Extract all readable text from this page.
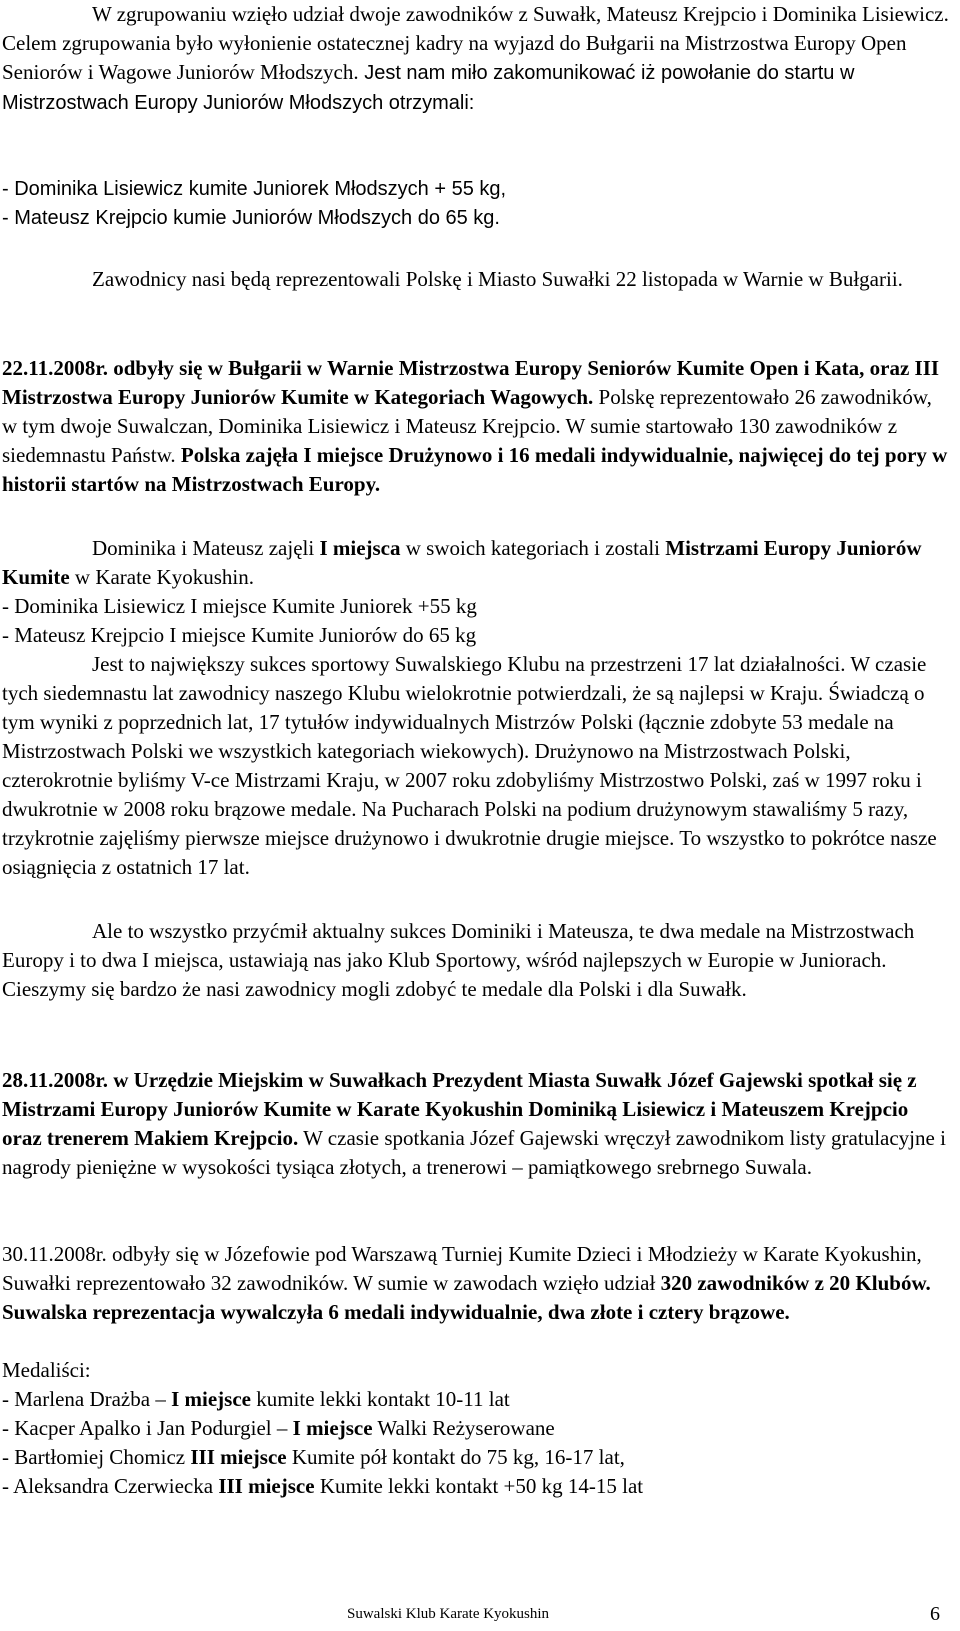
W zgrupowaniu wzięło udział dwoje zawodników z Suwałk, Mateusz Krejpcio i Dominika Lisiewicz. Celem zgrupowania było wyłonienie ostatecznej kadry na wyjazd do Bułgarii na Mistrzostwa Europy Open Seniorów i Wagowe Juniorów Młodszych. Jest nam miło zakomunikować iż powołanie do startu w Mistrzostwach Europy Juniorów Młodszych otrzymali:

- Dominika Lisiewicz kumite Juniorek Młodszych + 55 kg,

- Mateusz Krejpcio kumie Juniorów Młodszych do 65 kg.

Zawodnicy nasi będą reprezentowali Polskę i Miasto Suwałki 22 listopada w Warnie w Bułgarii.

22.11.2008r. odbyły się w Bułgarii w Warnie Mistrzostwa Europy Seniorów Kumite Open i Kata, oraz III Mistrzostwa Europy Juniorów Kumite w Kategoriach Wagowych. Polskę reprezentowało 26 zawodników, w tym dwoje Suwalczan, Dominika Lisiewicz i Mateusz Krejpcio. W sumie startowało 130 zawodników z siedemnastu Państw. Polska zajęła I miejsce Drużynowo i 16 medali indywidualnie, najwięcej do tej pory w historii startów na Mistrzostwach Europy.

Dominika i Mateusz zajęli I miejsca w swoich kategoriach i zostali Mistrzami Europy Juniorów Kumite w Karate Kyokushin.

- Dominika Lisiewicz I miejsce Kumite Juniorek +55 kg

- Mateusz Krejpcio I miejsce Kumite Juniorów do 65 kg

Jest to największy sukces sportowy Suwalskiego Klubu na przestrzeni 17 lat działalności. W czasie tych siedemnastu lat zawodnicy naszego Klubu wielokrotnie potwierdzali, że są najlepsi w Kraju. Świadczą o tym wyniki z poprzednich lat, 17 tytułów indywidualnych Mistrzów Polski (łącznie zdobyte 53 medale na Mistrzostwach Polski we wszystkich kategoriach wiekowych). Drużynowo na Mistrzostwach Polski, czterokrotnie byliśmy V-ce Mistrzami Kraju, w 2007 roku zdobyliśmy Mistrzostwo Polski, zaś w 1997 roku i dwukrotnie w 2008 roku brązowe medale. Na Pucharach Polski na podium drużynowym stawaliśmy 5 razy, trzykrotnie zajęliśmy pierwsze miejsce drużynowo i dwukrotnie drugie miejsce. To wszystko to pokrótce nasze osiągnięcia z ostatnich 17 lat.

Ale to wszystko przyćmił aktualny sukces Dominiki i Mateusza, te dwa medale na Mistrzostwach Europy i to dwa I miejsca, ustawiają nas jako Klub Sportowy, wśród najlepszych w Europie w Juniorach. Cieszymy się bardzo że nasi zawodnicy mogli zdobyć te medale dla Polski i dla Suwałk.

28.11.2008r. w Urzędzie Miejskim w Suwałkach Prezydent Miasta Suwałk Józef Gajewski spotkał się z Mistrzami Europy Juniorów Kumite w Karate Kyokushin Dominiką Lisiewicz i Mateuszem Krejpcio oraz trenerem Makiem Krejpcio. W czasie spotkania Józef Gajewski wręczył zawodnikom listy gratulacyjne i nagrody pieniężne w wysokości tysiąca złotych, a trenerowi – pamiątkowego srebrnego Suwala.

30.11.2008r. odbyły się w Józefowie pod Warszawą Turniej Kumite Dzieci i Młodzieży w Karate Kyokushin, Suwałki reprezentowało 32 zawodników. W sumie w zawodach wzięło udział 320 zawodników z 20 Klubów. Suwalska reprezentacja wywalczyła 6 medali indywidualnie, dwa złote i cztery brązowe.

Medaliści:

- Marlena Drażba – I miejsce kumite lekki kontakt 10-11 lat

- Kacper Apalko i Jan Podurgiel – I miejsce Walki Reżyserowane

- Bartłomiej Chomicz III miejsce Kumite pół kontakt do 75 kg, 16-17 lat,

- Aleksandra Czerwiecka III miejsce Kumite lekki kontakt +50 kg 14-15 lat

Suwalski Klub Karate Kyokushin	6
